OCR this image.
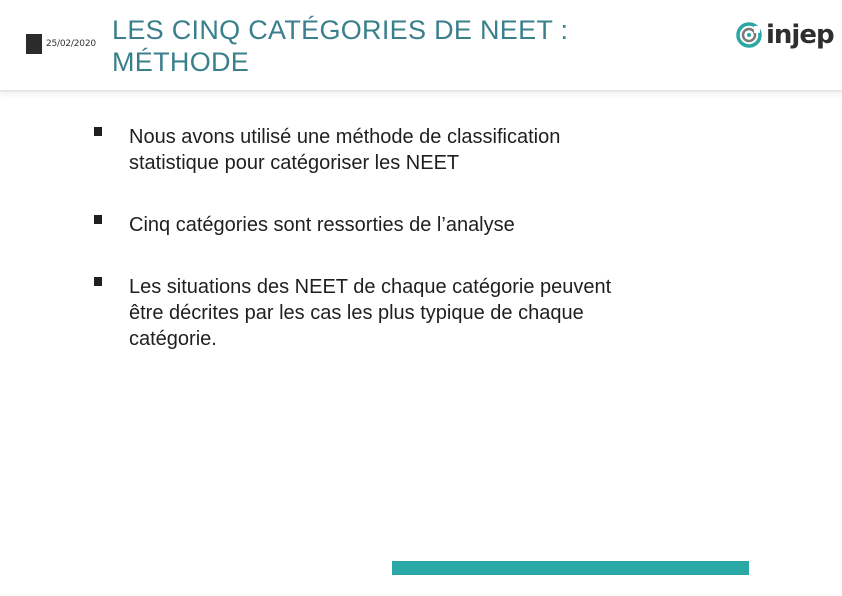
25/02/2020 LES CINQ CATÉGORIES DE NEET :
MÉTHODE
injep
Nous avons utilisé une méthode de classification
statistique pour catégoriser les NEET
Cinq catégories sont ressorties de l’analyse
Les situations des NEET de chaque catégorie peuvent
être décrites par les cas les plus typique de chaque
catégorie.
